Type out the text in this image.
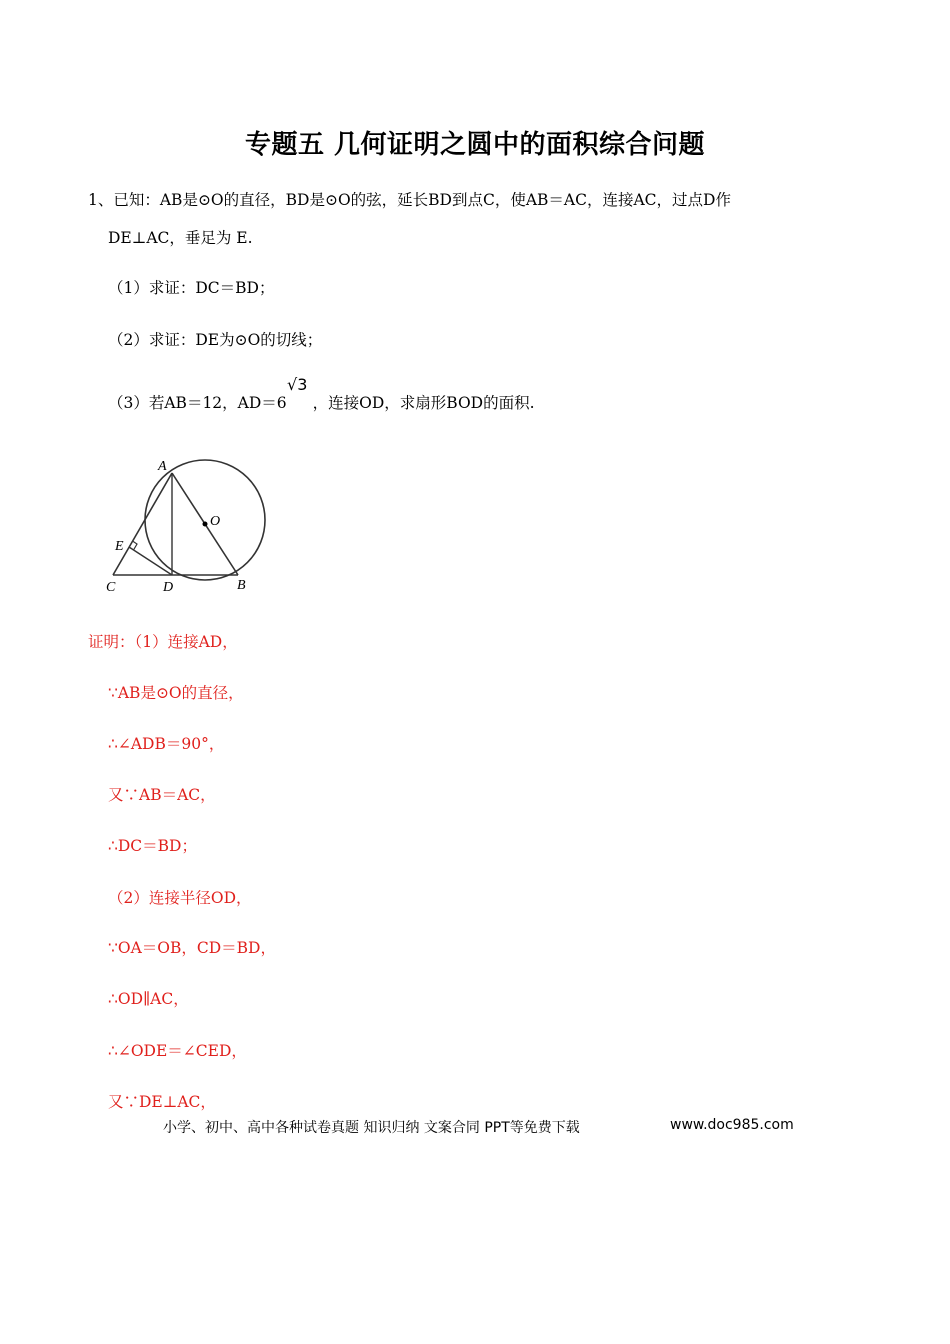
专题五 几何证明之圆中的面积综合问题
1、已知：AB是⊙O的直径，BD是⊙O的弦，延长BD到点C，使AB＝AC，连接AC，过点D作
DE⊥AC，垂足为 E.
（1）求证：DC＝BD；
（2）求证：DE为⊙O的切线；
（3）若AB＝12，AD＝6 ，连接OD，求扇形BOD的面积.
√3
A
O
E
C	D	B
证明：（1）连接AD，
∵AB是⊙O的直径，
∴∠ADB＝90°，
又∵AB＝AC，
∴DC＝BD；
（2）连接半径OD，
∵OA＝OB，CD＝BD，
∴OD∥AC，
∴∠ODE＝∠CED，
又∵DE⊥AC，
小学、初中、高中各种试卷真题 知识归纳 文案合同 PPT等免费下载	www.doc985.com
